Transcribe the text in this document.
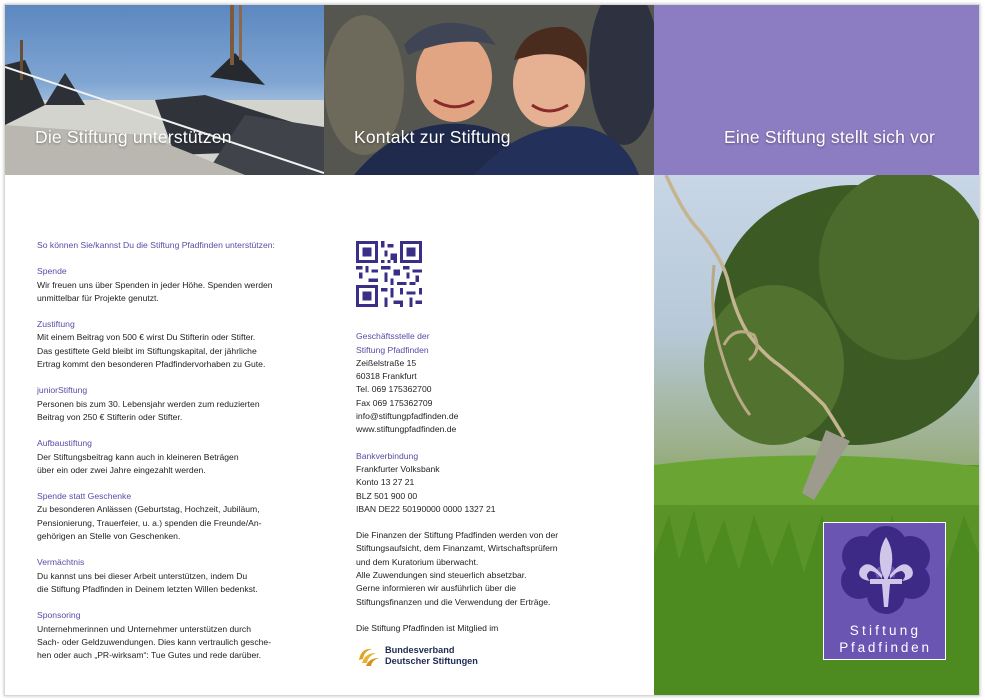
Die Stiftung unterstützen	Kontakt zur Stiftung	Eine Stiftung stellt sich vor
So können Sie/kannst Du die Stiftung Pfadfinden unterstützen:
Spende
Wir freuen uns über Spenden in jeder Höhe. Spenden werden
unmittelbar für Projekte genutzt.
Zustiftung
Mit einem Beitrag von 500 € wirst Du Stifterin oder Stifter.
Das gestiftete Geld bleibt im Stiftungskapital, der jährliche
Ertrag kommt den besonderen Pfadfindervorhaben zu Gute.
juniorStiftung
Personen bis zum 30. Lebensjahr werden zum reduzierten
Beitrag von 250 € Stifterin oder Stifter.
Aufbaustiftung
Der Stiftungsbeitrag kann auch in kleineren Beträgen
über ein oder zwei Jahre eingezahlt werden.
Spende statt Geschenke
Zu besonderen Anlässen (Geburtstag, Hochzeit, Jubiläum,
Pensionierung, Trauerfeier, u. a.) spenden die Freunde/An-
gehörigen an Stelle von Geschenken.
Vermächtnis
Du kannst uns bei dieser Arbeit unterstützen, indem Du
die Stiftung Pfadfinden in Deinem letzten Willen bedenkst.
Sponsoring
Unternehmerinnen und Unternehmer unterstützen durch
Sach- oder Geldzuwendungen. Dies kann vertraulich gesche-
hen oder auch „PR-wirksam“: Tue Gutes und rede darüber.
Geschäftsstelle der
Stiftung Pfadfinden
Zeißelstraße 15
60318 Frankfurt
Tel. 069 175362700
Fax 069 175362709
info@stiftungpfadfinden.de
www.stiftungpfadfinden.de
Bankverbindung
Frankfurter Volksbank
Konto 13 27 21
BLZ 501 900 00
IBAN DE22 50190000 0000 1327 21
Die Finanzen der Stiftung Pfadfinden werden von der
Stiftungsaufsicht, dem Finanzamt, Wirtschaftsprüfern
und dem Kuratorium überwacht.
Alle Zuwendungen sind steuerlich absetzbar.
Gerne informieren wir ausführlich über die
Stiftungsfinanzen und die Verwendung der Erträge.
Die Stiftung Pfadfinden ist Mitglied im
Bundesverband
Deutscher Stiftungen
Stiftung
Pfadfinden
